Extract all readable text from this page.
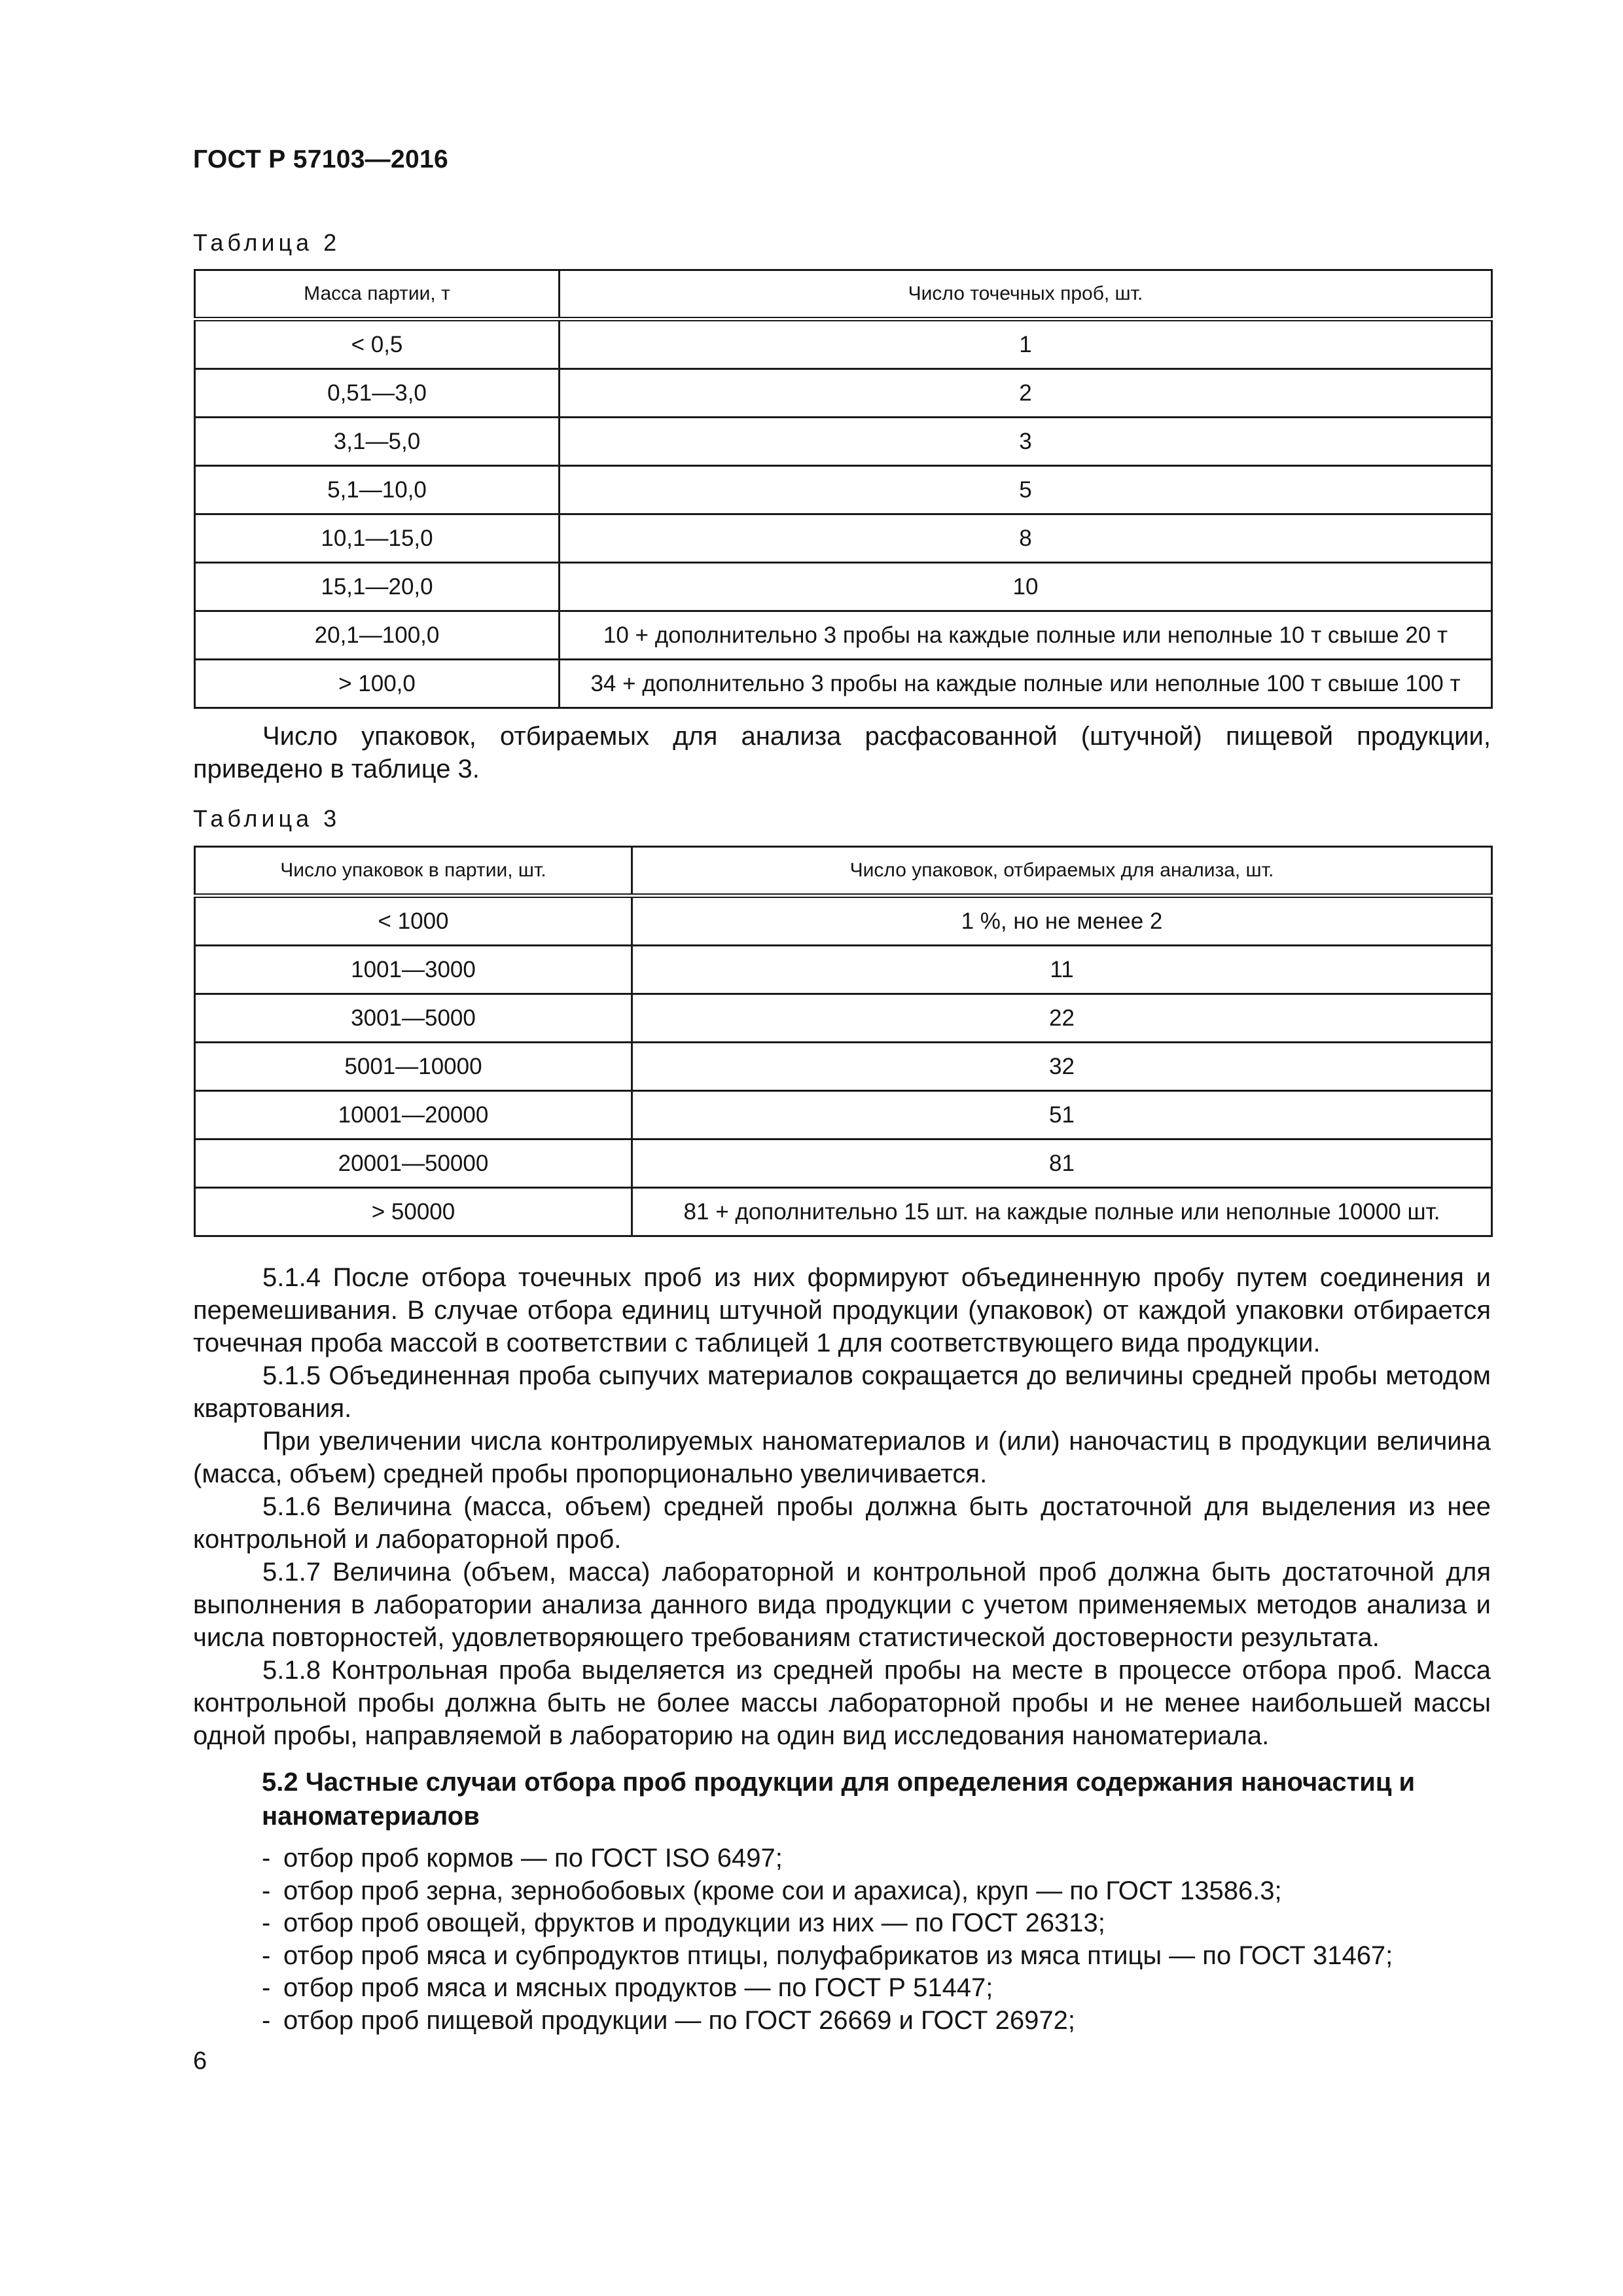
ГОСТ Р 57103—2016
Таблица 2
Масса партии, т	Число точечных проб, шт.
< 0,5	1
0,51—3,0	2
3,1—5,0	3
5,1—10,0	5
10,1—15,0	8
15,1—20,0	10
20,1—100,0	10 + дополнительно 3 пробы на каждые полные или неполные 10 т свыше 20 т
> 100,0	34 + дополнительно 3 пробы на каждые полные или неполные 100 т свыше 100 т

Число упаковок, отбираемых для анализа расфасованной (штучной) пищевой продукции, приведено в таблице 3.

Таблица 3
Число упаковок в партии, шт.	Число упаковок, отбираемых для анализа, шт.
< 1000	1 %, но не менее 2
1001—3000	11
3001—5000	22
5001—10000	32
10001—20000	51
20001—50000	81
> 50000	81 + дополнительно 15 шт. на каждые полные или неполные 10000 шт.

5.1.4 После отбора точечных проб из них формируют объединенную пробу путем соединения и перемешивания. В случае отбора единиц штучной продукции (упаковок) от каждой упаковки отбирается точечная проба массой в соответствии с таблицей 1 для соответствующего вида продукции.

5.1.5 Объединенная проба сыпучих материалов сокращается до величины средней пробы методом квартования.

При увеличении числа контролируемых наноматериалов и (или) наночастиц в продукции величина (масса, объем) средней пробы пропорционально увеличивается.

5.1.6 Величина (масса, объем) средней пробы должна быть достаточной для выделения из нее контрольной и лабораторной проб.

5.1.7 Величина (объем, масса) лабораторной и контрольной проб должна быть достаточной для выполнения в лаборатории анализа данного вида продукции с учетом применяемых методов анализа и числа повторностей, удовлетворяющего требованиям статистической достоверности результата.

5.1.8 Контрольная проба выделяется из средней пробы на месте в процессе отбора проб. Масса контрольной пробы должна быть не более массы лабораторной пробы и не менее наибольшей массы одной пробы, направляемой в лабораторию на один вид исследования наноматериала.

5.2 Частные случаи отбора проб продукции для определения содержания наночастиц и наноматериалов

- отбор проб кормов — по ГОСТ ISO 6497;
- отбор проб зерна, зернобобовых (кроме сои и арахиса), круп — по ГОСТ 13586.3;
- отбор проб овощей, фруктов и продукции из них — по ГОСТ 26313;
- отбор проб мяса и субпродуктов птицы, полуфабрикатов из мяса птицы — по ГОСТ 31467;
- отбор проб мяса и мясных продуктов — по ГОСТ Р 51447;
- отбор проб пищевой продукции — по ГОСТ 26669 и ГОСТ 26972;
6
